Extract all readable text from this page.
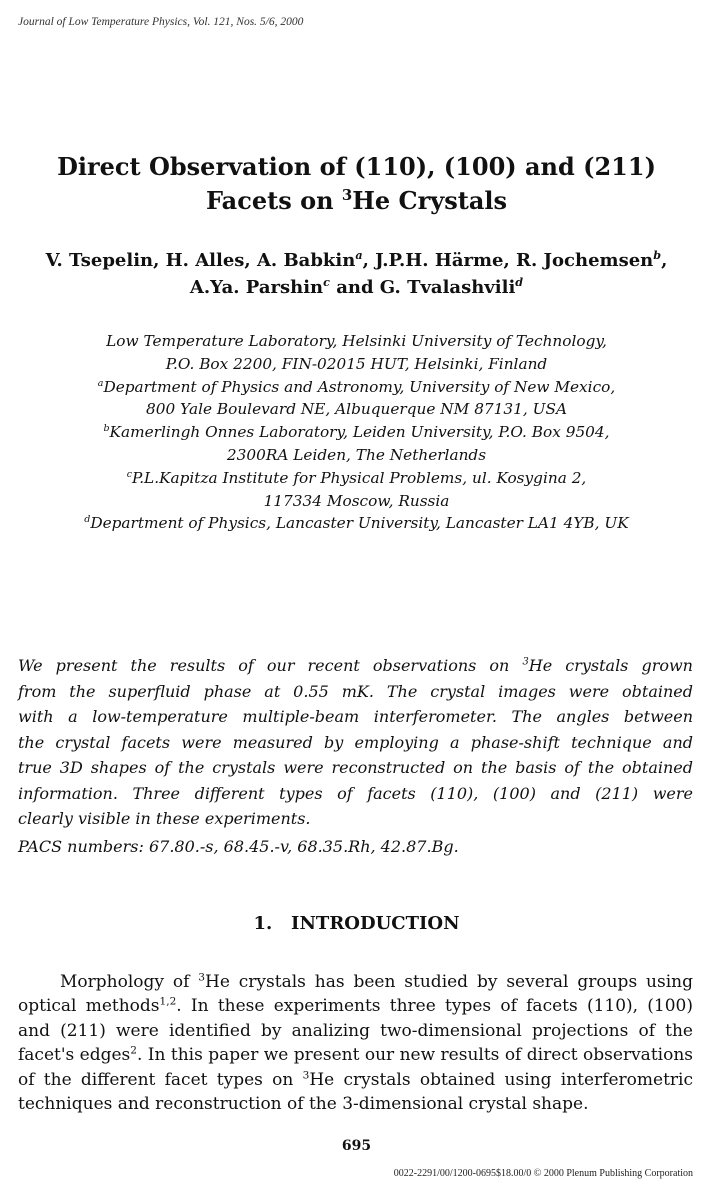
Journal of Low Temperature Physics, Vol. 121, Nos. 5/6, 2000
Direct Observation of (110), (100) and (211)
Facets on $^3$He Crystals
V. Tsepelin, H. Alles, A. Babkin$^a$, J.P.H. Härme, R. Jochemsen$^b$,
A.Ya. Parshin$^c$ and G. Tvalashvili$^d$
Low Temperature Laboratory, Helsinki University of Technology,
P.O. Box 2200, FIN-02015 HUT, Helsinki, Finland
$^a$Department of Physics and Astronomy, University of New Mexico,
800 Yale Boulevard NE, Albuquerque NM 87131, USA
$^b$Kamerlingh Onnes Laboratory, Leiden University, P.O. Box 9504,
2300RA Leiden, The Netherlands
$^c$P.L.Kapitza Institute for Physical Problems, ul. Kosygina 2,
117334 Moscow, Russia
$^d$Department of Physics, Lancaster University, Lancaster LA1 4YB, UK
We present the results of our recent observations on $^3$He crystals grown
from the superfluid phase at 0.55 mK. The crystal images were obtained
with a low-temperature multiple-beam interferometer. The angles between
the crystal facets were measured by employing a phase-shift technique and
true 3D shapes of the crystals were reconstructed on the basis of the obtained
information. Three different types of facets (110), (100) and (211) were
clearly visible in these experiments.
PACS numbers: 67.80.-s, 68.45.-v, 68.35.Rh, 42.87.Bg.
1. INTRODUCTION
Morphology of $^3$He crystals has been studied by several groups using
optical methods$^{1,2}$. In these experiments three types of facets (110), (100)
and (211) were identified by analizing two-dimensional projections of the
facet's edges$^2$. In this paper we present our new results of direct observations
of the different facet types on $^3$He crystals obtained using interferometric
techniques and reconstruction of the 3-dimensional crystal shape.
695
0022-2291/00/1200-0695$18.00/0 © 2000 Plenum Publishing Corporation
